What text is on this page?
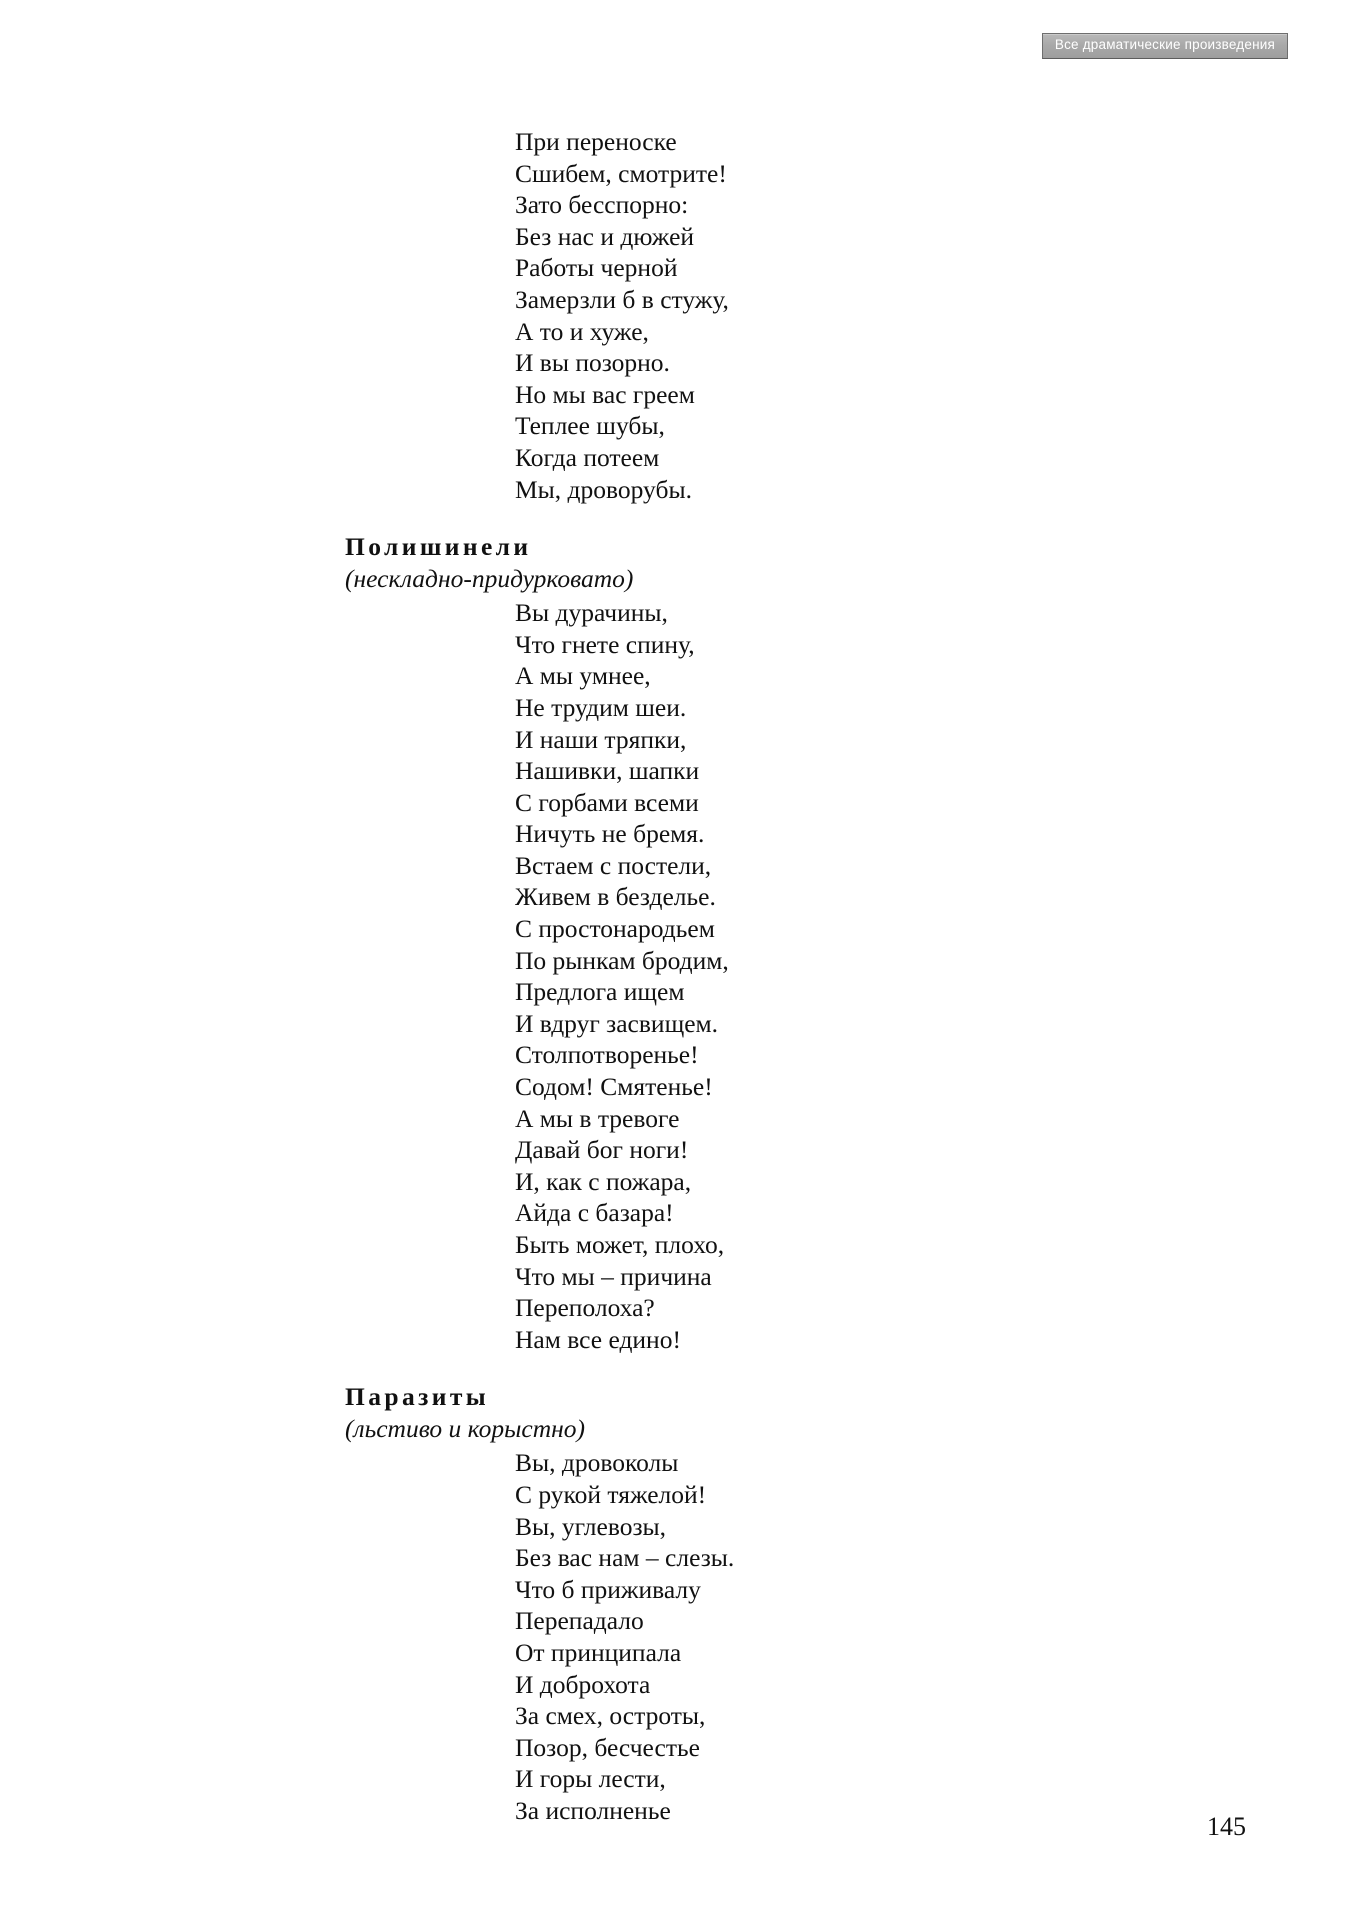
Все драматические произведения
При переноске
Сшибем, смотрите!
Зато бесспорно:
Без нас и дюжей
Работы черной
Замерзли б в стужу,
А то и хуже,
И вы позорно.
Но мы вас греем
Теплее шубы,
Когда потеем
Мы, дроворубы.
Полишинели
(нескладно-придурковато)
Вы дурачины,
Что гнете спину,
А мы умнее,
Не трудим шеи.
И наши тряпки,
Нашивки, шапки
С горбами всеми
Ничуть не бремя.
Встаем с постели,
Живем в безделье.
С простонародьем
По рынкам бродим,
Предлога ищем
И вдруг засвищем.
Столпотворенье!
Содом! Смятенье!
А мы в тревоге
Давай бог ноги!
И, как с пожара,
Айда с базара!
Быть может, плохо,
Что мы – причина
Переполоха?
Нам все едино!
Паразиты
(льстиво и корыстно)
Вы, дровоколы
С рукой тяжелой!
Вы, углевозы,
Без вас нам – слезы.
Что б приживалу
Перепадало
От принципала
И доброхота
За смех, остроты,
Позор, бесчестье
И горы лести,
За исполненье
145
